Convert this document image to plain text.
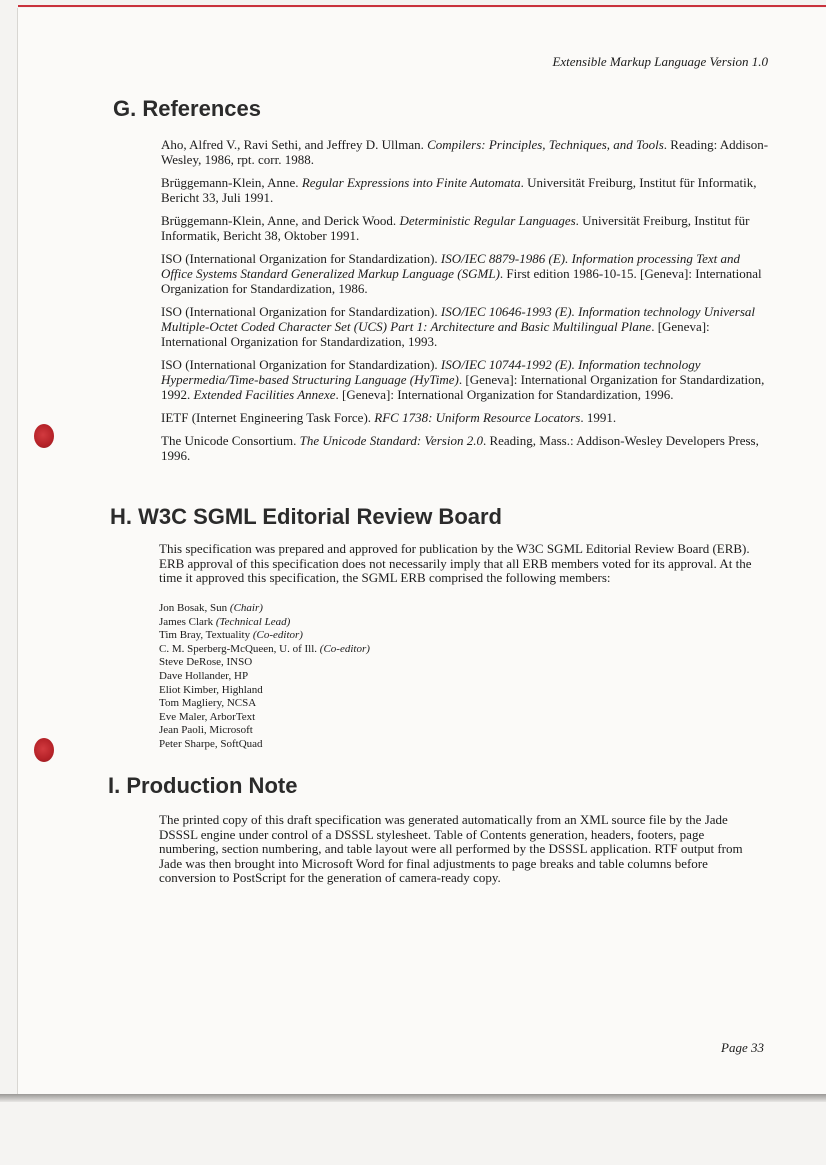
Extensible Markup Language Version 1.0
G. References

Aho, Alfred V., Ravi Sethi, and Jeffrey D. Ullman. Compilers: Principles, Techniques, and Tools. Reading: Addison-Wesley, 1986, rpt. corr. 1988.

Brüggemann-Klein, Anne. Regular Expressions into Finite Automata. Universität Freiburg, Institut für Informatik, Bericht 33, Juli 1991.

Brüggemann-Klein, Anne, and Derick Wood. Deterministic Regular Languages. Universität Freiburg, Institut für Informatik, Bericht 38, Oktober 1991.

ISO (International Organization for Standardization). ISO/IEC 8879-1986 (E). Information processing Text and Office Systems Standard Generalized Markup Language (SGML). First edition 1986-10-15. [Geneva]: International Organization for Standardization, 1986.

ISO (International Organization for Standardization). ISO/IEC 10646-1993 (E). Information technology Universal Multiple-Octet Coded Character Set (UCS) Part 1: Architecture and Basic Multilingual Plane. [Geneva]: International Organization for Standardization, 1993.

ISO (International Organization for Standardization). ISO/IEC 10744-1992 (E). Information technology Hypermedia/Time-based Structuring Language (HyTime). [Geneva]: International Organization for Standardization, 1992. Extended Facilities Annexe. [Geneva]: International Organization for Standardization, 1996.

IETF (Internet Engineering Task Force). RFC 1738: Uniform Resource Locators. 1991.

The Unicode Consortium. The Unicode Standard: Version 2.0. Reading, Mass.: Addison-Wesley Developers Press, 1996.

H. W3C SGML Editorial Review Board

This specification was prepared and approved for publication by the W3C SGML Editorial Review Board (ERB). ERB approval of this specification does not necessarily imply that all ERB members voted for its approval. At the time it approved this specification, the SGML ERB comprised the following members:

Jon Bosak, Sun (Chair)
James Clark (Technical Lead)
Tim Bray, Textuality (Co-editor)
C. M. Sperberg-McQueen, U. of Ill. (Co-editor)
Steve DeRose, INSO
Dave Hollander, HP
Eliot Kimber, Highland
Tom Magliery, NCSA
Eve Maler, ArborText
Jean Paoli, Microsoft
Peter Sharpe, SoftQuad
I. Production Note

The printed copy of this draft specification was generated automatically from an XML source file by the Jade DSSSL engine under control of a DSSSL stylesheet. Table of Contents generation, headers, footers, page numbering, section numbering, and table layout were all performed by the DSSSL application. RTF output from Jade was then brought into Microsoft Word for final adjustments to page breaks and table columns before conversion to PostScript for the generation of camera-ready copy.

Page 33
